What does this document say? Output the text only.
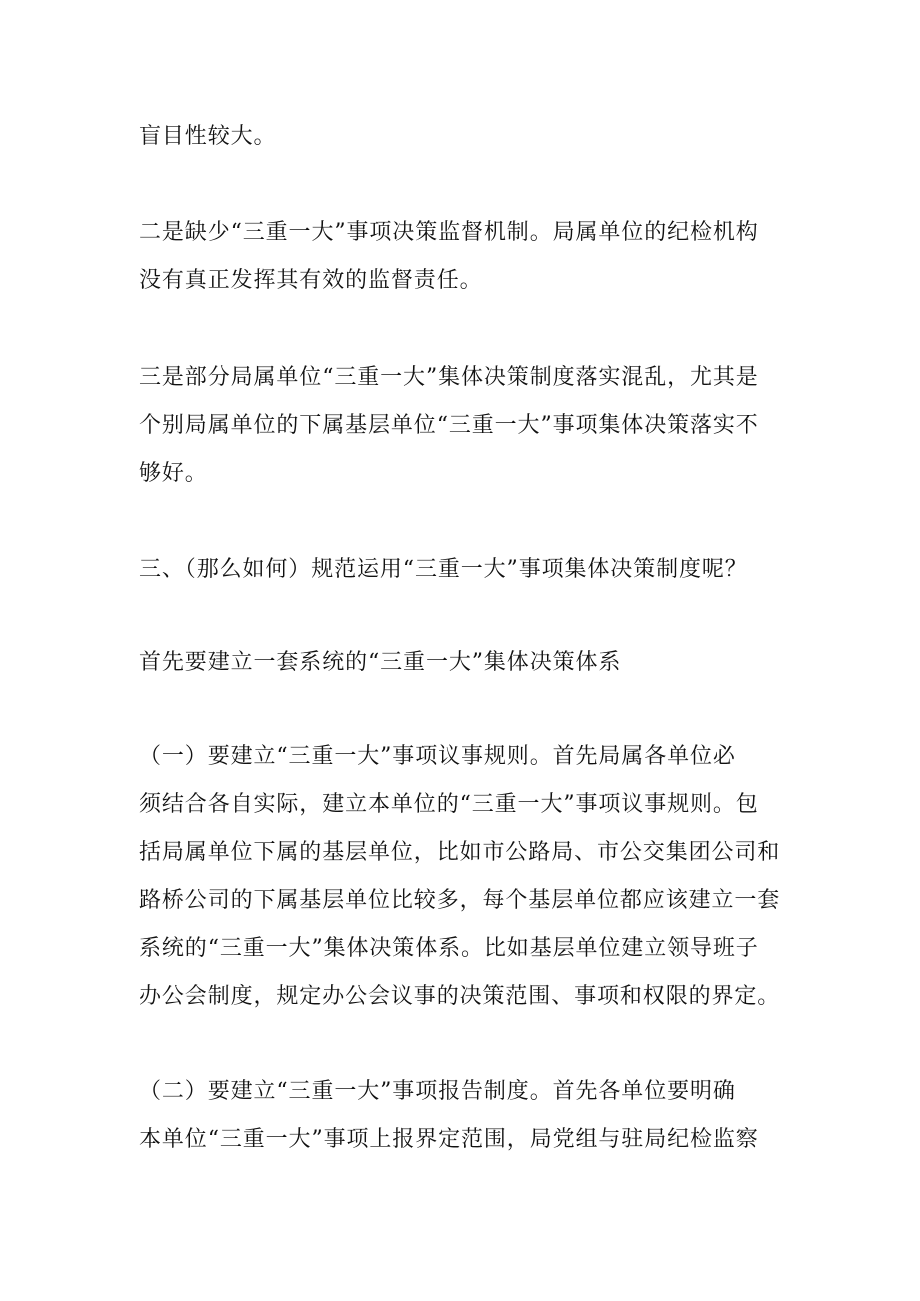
盲目性较大。

二是缺少“三重一大”事项决策监督机制。局属单位的纪检机构
没有真正发挥其有效的监督责任。

三是部分局属单位“三重一大”集体决策制度落实混乱，尤其是
个别局属单位的下属基层单位“三重一大”事项集体决策落实不
够好。

三、（那么如何）规范运用“三重一大”事项集体决策制度呢？

首先要建立一套系统的“三重一大”集体决策体系

（一）要建立“三重一大”事项议事规则。首先局属各单位必
须结合各自实际，建立本单位的“三重一大”事项议事规则。包
括局属单位下属的基层单位，比如市公路局、市公交集团公司和
路桥公司的下属基层单位比较多，每个基层单位都应该建立一套
系统的“三重一大”集体决策体系。比如基层单位建立领导班子
办公会制度，规定办公会议事的决策范围、事项和权限的界定。

（二）要建立“三重一大”事项报告制度。首先各单位要明确
本单位“三重一大”事项上报界定范围，局党组与驻局纪检监察
